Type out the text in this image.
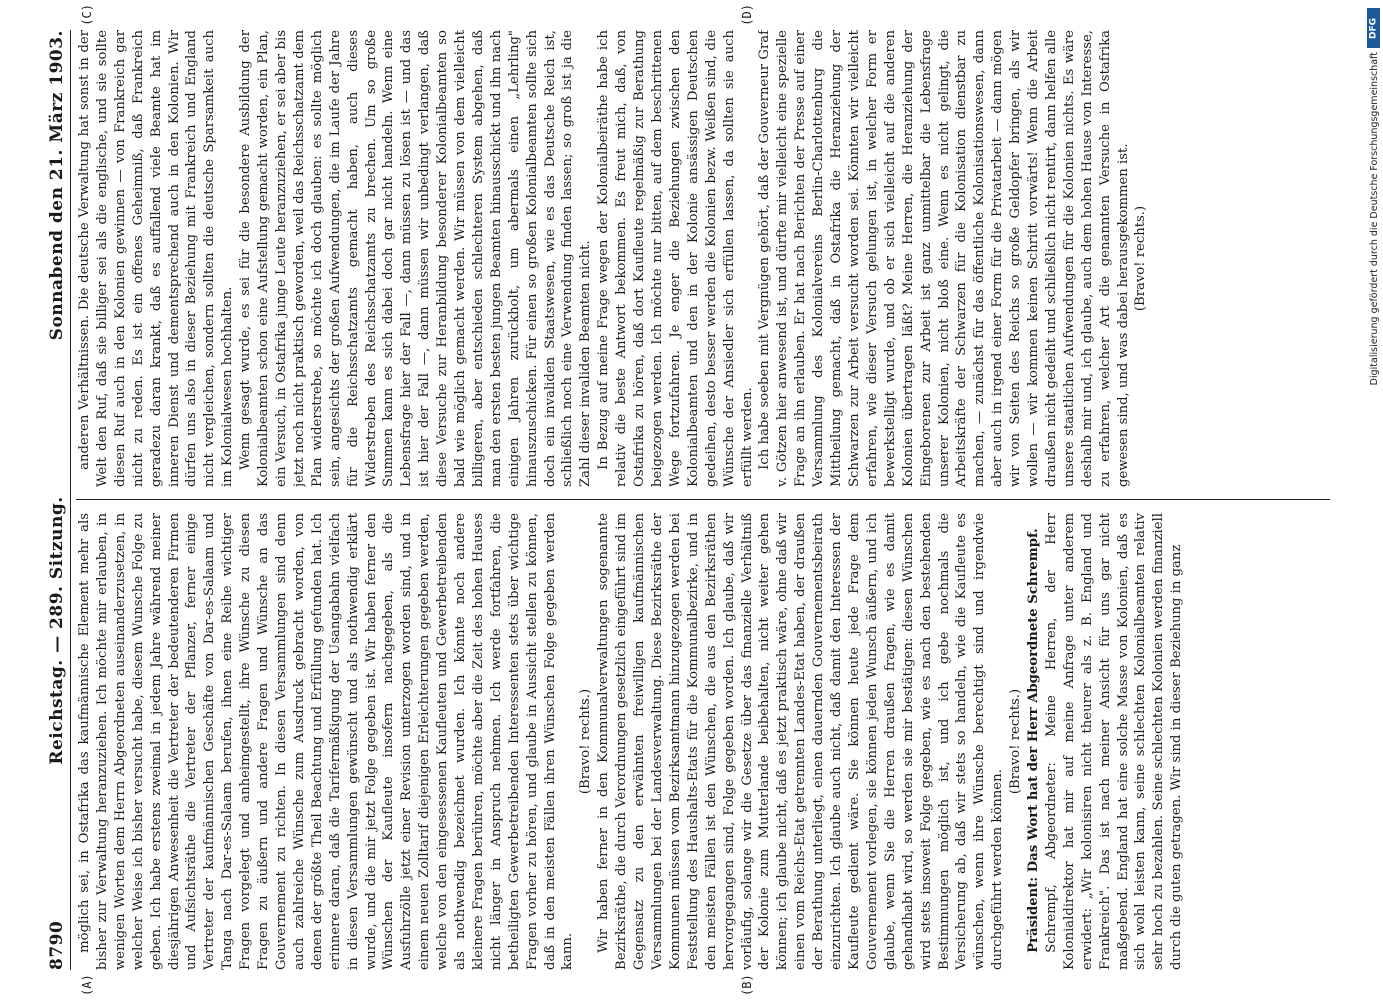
8790
Reichstag. — 289. Sitzung.
Sonnabend den 21. März 1903.

möglich sei, in Ostafrika das kaufmännische Element mehr als bisher zur Verwaltung heranzuziehen. Ich möchte mir erlauben, in wenigen Worten dem Herrn Abgeordneten auseinanderzusetzen, in welcher Weise ich bisher versucht habe, diesem Wunsche Folge zu geben. Ich habe erstens zweimal in jedem Jahre während meiner diesjährigen Anwesenheit die Vertreter der bedeutenderen Firmen und Aufsichtsräthe die Vertreter der Pflanzer, ferner einige Vertreter der kaufmännischen Geschäfte von Dar-es-Salaam und Tanga nach Dar-es-Salaam berufen, ihnen eine Reihe wichtiger Fragen vorgelegt und anheimgestellt, ihre Wünsche zu diesen Fragen zu äußern und andere Fragen und Wünsche an das Gouvernement zu richten. In diesen Versammlungen sind denn auch zahlreiche Wünsche zum Ausdruck gebracht worden, von denen der größte Theil Beachtung und Erfüllung gefunden hat. Ich erinnere daran, daß die Tarifermäßigung der Usangabahn vielfach in diesen Versammlungen gewünscht und als nothwendig erklärt wurde, und die mir jetzt Folge gegeben ist. Wir haben ferner den Wünschen der Kaufleute insofern nachgegeben, als die Ausfuhrzölle jetzt einer Revision unterzogen worden sind, und in einem neuen Zolltarif diejenigen Erleichterungen gegeben werden, welche von den eingesessenen Kaufleuten und Gewerbetreibenden als nothwendig bezeichnet wurden. Ich könnte noch andere kleinere Fragen berühren, möchte aber die Zeit des hohen Hauses nicht länger in Anspruch nehmen. Ich werde fortfahren, die betheiligten Gewerbetreibenden Interessenten stets über wichtige Fragen vorher zu hören, und glaube in Aussicht stellen zu können, daß in den meisten Fällen ihren Wünschen Folge gegeben werden kann.

(Bravo! rechts.) Wir haben ferner in den Kommunalverwaltungen sogenannte Bezirksräthe, die durch Verordnungen gesetzlich eingeführt sind im Gegensatz zu den erwähnten freiwilligen kaufmännischen Versammlungen bei der Landesverwaltung. Diese Bezirksräthe der Kommunen müssen vom Bezirksamtmann hinzugezogen werden bei Feststellung des Haushalts-Etats für die Kommunalbezirke, und in den meisten Fällen ist den Wünschen, die aus den Bezirksräthen hervorgegangen sind, Folge gegeben worden. Ich glaube, daß wir vorläufig, solange wir die Gesetze über das finanzielle Verhältniß der Kolonie zum Mutterlande beibehalten, nicht weiter gehen können; ich glaube nicht, daß es jetzt praktisch wäre, ohne daß wir einen vom Reichs-Etat getrennten Landes-Etat haben, der draußen der Berathung unterliegt, einen dauernden Gouvernementsbeirath einzurichten. Ich glaube auch nicht, daß damit den Interessen der Kaufleute gedient wäre. Sie können heute jede Frage dem Gouvernement vorlegen, sie können jeden Wunsch äußern, und ich glaube, wenn Sie die Herren draußen fragen, wie es damit gehandhabt wird, so werden sie mir bestätigen: diesen Wünschen wird stets insoweit Folge gegeben, wie es nach den bestehenden Bestimmungen möglich ist, und ich gebe nochmals die Versicherung ab, daß wir stets so handeln, wie die Kaufleute es wünschen, wenn ihre Wünsche berechtigt sind und irgendwie durchgeführt werden können.

(Bravo! rechts.) Präsident: Das Wort hat der Herr Abgeordnete Schrempf. Schrempf, Abgeordneter: Meine Herren, der Herr Kolonialdirektor hat mir auf meine Anfrage unter anderem erwidert: „Wir kolonisiren nicht theurer als z. B. England und Frankreich". Das ist nach meiner Ansicht für uns gar nicht maßgebend. England hat eine solche Masse von Kolonien, daß es sich wohl leisten kann, seine schlechten Kolonialbeamten relativ sehr hoch zu bezahlen. Seine schlechten Kolonien werden finanziell durch die guten getragen. Wir sind in dieser Beziehung in ganz

anderen Verhältnissen. Die deutsche Verwaltung hat sonst in der Welt den Ruf, daß sie billiger sei als die englische, und sie sollte diesen Ruf auch in den Kolonien gewinnen — von Frankreich gar nicht zu reden. Es ist ein offenes Geheimniß, daß Frankreich geradezu daran krankt, daß es auffallend viele Beamte hat im inneren Dienst und dementsprechend auch in den Kolonien. Wir dürfen uns also in dieser Beziehung mit Frankreich und England nicht vergleichen, sondern sollten die deutsche Sparsamkeit auch im Kolonialwesen hochhalten. Wenn gesagt wurde, es sei für die besondere Ausbildung der Kolonialbeamten schon eine Aufstellung gemacht worden, ein Plan, ein Versuch, in Ostafrika junge Leute heranzuziehen, er sei aber bis jetzt noch nicht praktisch geworden, weil das Reichsschatzamt dem Plan widerstrebe, so möchte ich doch glauben: es sollte möglich sein, angesichts der großen Aufwendungen, die im Laufe der Jahre für die Reichsschatzamts gemacht haben, auch dieses Widerstreben des Reichsschatzamts zu brechen. Um so große Summen kann es sich dabei doch gar nicht handeln. Wenn eine Lebensfrage hier der Fall —, dann müssen zu lösen ist — und das ist hier der Fall —, dann müssen wir unbedingt verlangen, daß diese Versuche zur Heranbildung besonderer Kolonialbeamten so bald wie möglich gemacht werden. Wir müssen von dem vielleicht billigeren, aber entschieden schlechteren System abgehen, daß man den ersten besten jungen Beamten hinausschickt und ihn nach einigen Jahren zurückholt, um abermals einen „Lehrling" hinauszuschicken. Für einen so großen Kolonialbeamten sollte sich doch ein invaliden Staatswesen, wie es das Deutsche Reich ist, schließlich noch eine Verwendung finden lassen; so groß ist ja die Zahl dieser invaliden Beamten nicht. In Bezug auf meine Frage wegen der Kolonialbeiräthe habe ich relativ die beste Antwort bekommen. Es freut mich, daß, von Ostafrika zu hören, daß dort Kaufleute regelmäßig zur Berathung beigezogen werden. Ich möchte nur bitten, auf dem beschrittenen Wege fortzufahren. Je enger die Beziehungen zwischen den Kolonialbeamten und den in der Kolonie ansässigen Deutschen gedeihen, desto besser werden die Kolonien bezw. Weißen sind, die Wünsche der Ansiedler sich erfüllen lassen, da sollten sie auch erfüllt werden. Ich habe soeben mit Vergnügen gehört, daß der Gouverneur Graf v. Götzen hier anwesend ist, und dürfte mir vielleicht eine spezielle Frage an ihn erlauben. Er hat nach Berichten der Presse auf einer Versammlung des Kolonialvereins Berlin-Charlottenburg die Mittheilung gemacht, daß in Ostafrika die Heranziehung der Schwarzen zur Arbeit versucht worden sei. Könnten wir vielleicht erfahren, wie dieser Versuch gelungen ist, in welcher Form er bewerkstelligt wurde, und ob er sich vielleicht auf die anderen Kolonien übertragen läßt? Meine Herren, die Heranziehung der Eingeborenen zur Arbeit ist ganz unmittelbar die Lebensfrage unserer Kolonien, nicht bloß eine. Wenn es nicht gelingt, die Arbeitskräfte der Schwarzen für die Kolonisation dienstbar zu machen, — zunächst für das öffentliche Kolonisationswesen, dann aber auch in irgend einer Form für die Privatarbeit — dann mögen wir von Seiten des Reichs so große Geldopfer bringen, als wir wollen — wir kommen keinen Schritt vorwärts! Wenn die Arbeit draußen nicht gedeiht und schließlich nicht rentirt, dann helfen alle unsere staatlichen Aufwendungen für die Kolonien nichts. Es wäre deshalb mir und, ich glaube, auch dem hohen Hause von Interesse, zu erfahren, welcher Art die genannten Versuche in Ostafrika gewesen sind, und was dabei herausgekommen ist. (Bravo! rechts.)

(A)	(B)
(C)	(D)
DFG
Digitalisierung gefördert durch die Deutsche Forschungsgemeinschaft
